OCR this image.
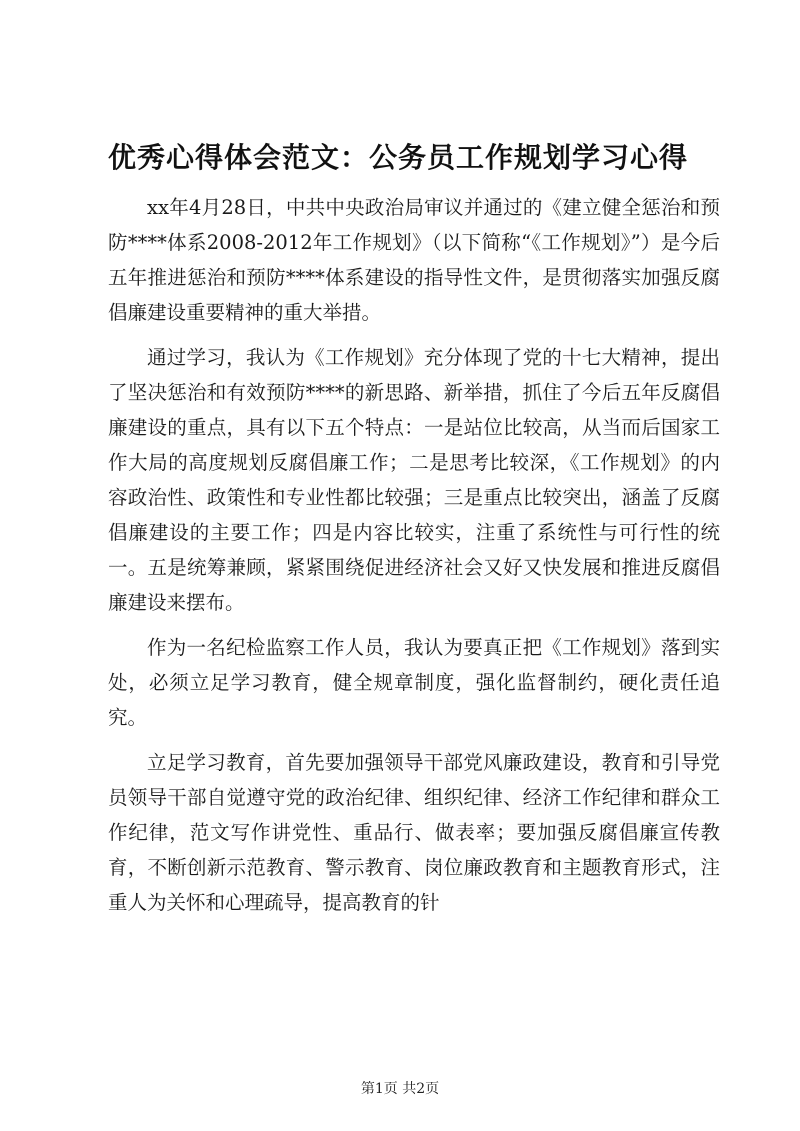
优秀心得体会范文：公务员工作规划学习心得

xx年4月28日，中共中央政治局审议并通过的《建立健全惩治和预防****体系2008-2012年工作规划》（以下简称“《工作规划》”）是今后五年推进惩治和预防****体系建设的指导性文件，是贯彻落实加强反腐倡廉建设重要精神的重大举措。

通过学习，我认为《工作规划》充分体现了党的十七大精神，提出了坚决惩治和有效预防****的新思路、新举措，抓住了今后五年反腐倡廉建设的重点，具有以下五个特点：一是站位比较高，从当而后国家工作大局的高度规划反腐倡廉工作；二是思考比较深，《工作规划》的内容政治性、政策性和专业性都比较强；三是重点比较突出，涵盖了反腐倡廉建设的主要工作；四是内容比较实，注重了系统性与可行性的统一。五是统筹兼顾，紧紧围绕促进经济社会又好又快发展和推进反腐倡廉建设来摆布。

作为一名纪检监察工作人员，我认为要真正把《工作规划》落到实处，必须立足学习教育，健全规章制度，强化监督制约，硬化责任追究。

立足学习教育，首先要加强领导干部党风廉政建设，教育和引导党员领导干部自觉遵守党的政治纪律、组织纪律、经济工作纪律和群众工作纪律，范文写作讲党性、重品行、做表率；要加强反腐倡廉宣传教育，不断创新示范教育、警示教育、岗位廉政教育和主题教育形式，注重人为关怀和心理疏导，提高教育的针

第1页 共2页
